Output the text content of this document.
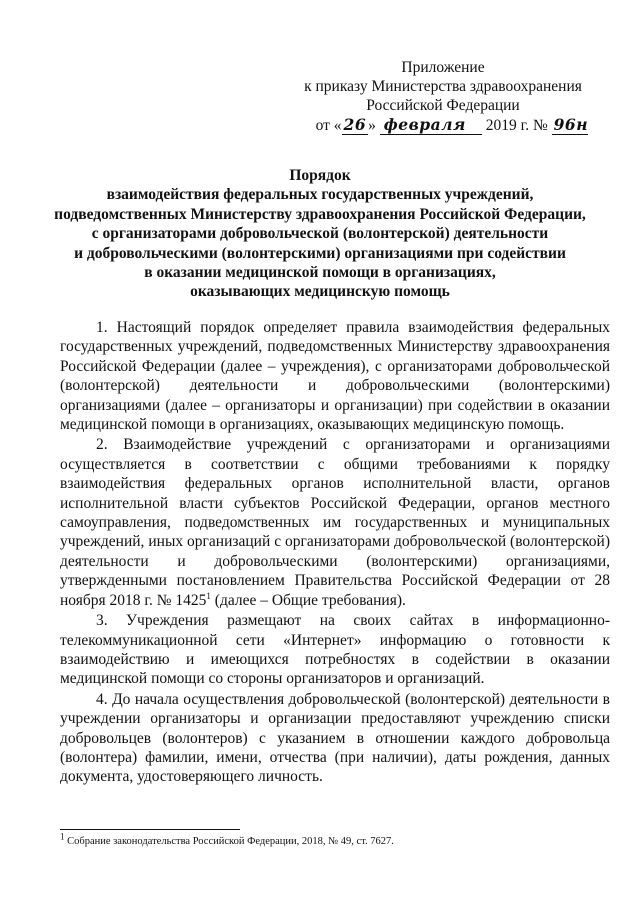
Приложение
к приказу Министерства здравоохранения
Российской Федерации
от « 26 »
февраля
	2019 г. №
96н
Порядок
взаимодействия федеральных государственных учреждений,
подведомственных Министерству здравоохранения Российской Федерации,
с организаторами добровольческой (волонтерской) деятельности
и добровольческими (волонтерскими) организациями при содействии
в оказании медицинской помощи в организациях,
оказывающих медицинскую помощь

1. Настоящий порядок определяет правила взаимодействия федеральных государственных учреждений, подведомственных Министерству здравоохранения Российской Федерации (далее – учреждения), с организаторами добровольческой (волонтерской) деятельности и добровольческими (волонтерскими) организациями (далее – организаторы и организации) при содействии в оказании медицинской помощи в организациях, оказывающих медицинскую помощь.

2. Взаимодействие учреждений с организаторами и организациями осуществляется в соответствии с общими требованиями к порядку взаимодействия федеральных органов исполнительной власти, органов исполнительной власти субъектов Российской Федерации, органов местного самоуправления, подведомственных им государственных и муниципальных учреждений, иных организаций с организаторами добровольческой (волонтерской) деятельности и добровольческими (волонтерскими) организациями, утвержденными постановлением Правительства Российской Федерации от 28 ноября 2018 г. № 1425$^1$ (далее – Общие требования).

3. Учреждения размещают на своих сайтах в информационно-телекоммуникационной сети «Интернет» информацию о готовности к взаимодействию и имеющихся потребностях в содействии в оказании медицинской помощи со стороны организаторов и организаций.

4. До начала осуществления добровольческой (волонтерской) деятельности в учреждении организаторы и организации предоставляют учреждению списки добровольцев (волонтеров) с указанием в отношении каждого добровольца (волонтера) фамилии, имени, отчества (при наличии), даты рождения, данных документа, удостоверяющего личность.

$^1$ Собрание законодательства Российской Федерации, 2018, № 49, ст. 7627.
